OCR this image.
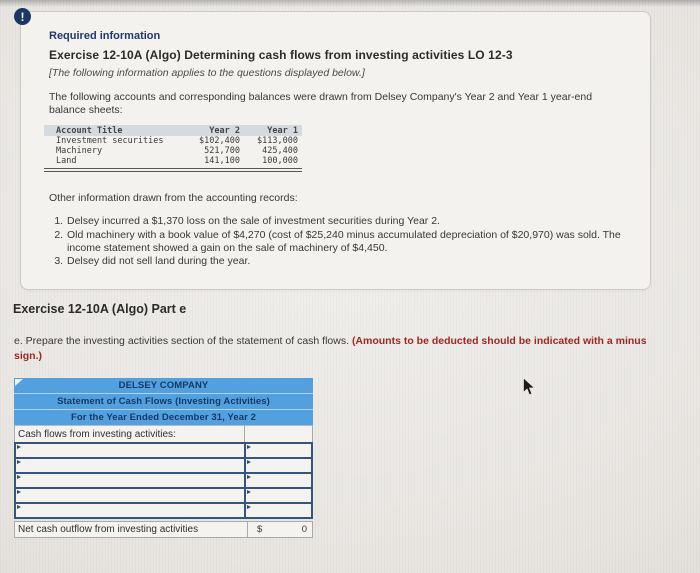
!
Required information
Exercise 12-10A (Algo) Determining cash flows from investing activities LO 12-3
[The following information applies to the questions displayed below.]
The following accounts and corresponding balances were drawn from Delsey Company's Year 2 and Year 1 year-end balance sheets:
Account Title	Year 2	Year 1
Investment securities	$102,400	$113,000
Machinery	521,700	425,400
Land	141,100	100,000
Other information drawn from the accounting records:
1. Delsey incurred a $1,370 loss on the sale of investment securities during Year 2.
2. Old machinery with a book value of $4,270 (cost of $25,240 minus accumulated depreciation of $20,970) was sold. The income statement showed a gain on the sale of machinery of $4,450.
3. Delsey did not sell land during the year.
Exercise 12-10A (Algo) Part e
e. Prepare the investing activities section of the statement of cash flows. (Amounts to be deducted should be indicated with a minus sign.)
DELSEY COMPANY
Statement of Cash Flows (Investing Activities)
For the Year Ended December 31, Year 2
Cash flows from investing activities:
Net cash outflow from investing activities	$	0
